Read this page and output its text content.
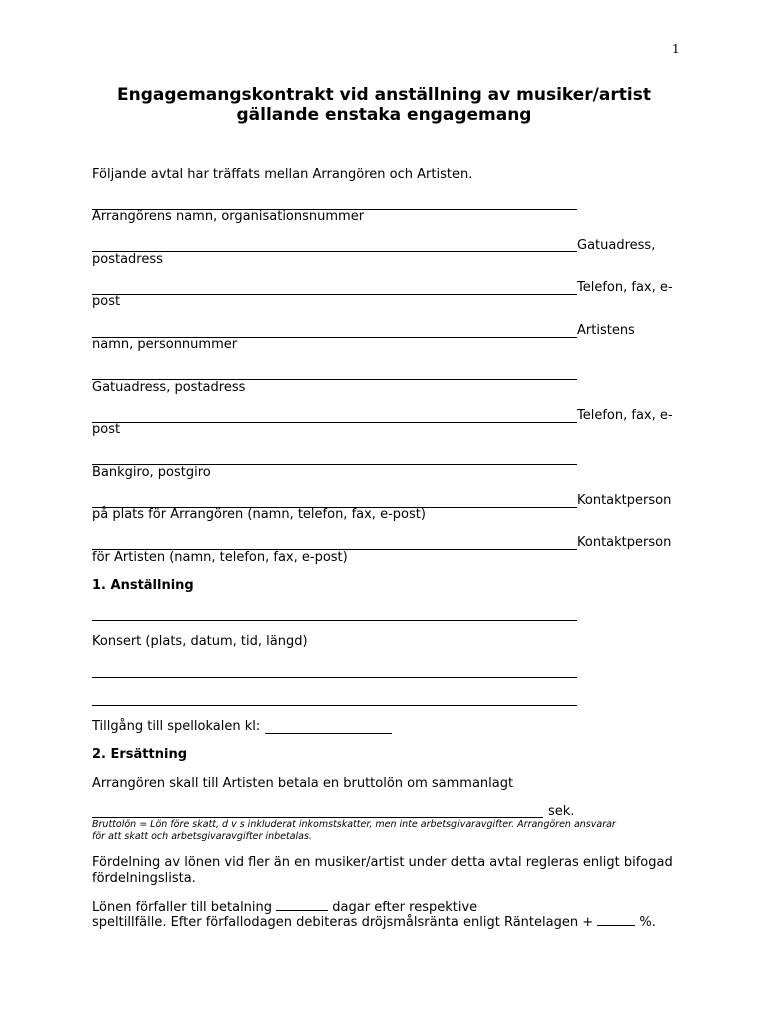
1
Engagemangskontrakt vid anställning av musiker/artist
gällande enstaka engagemang
Följande avtal har träffats mellan Arrangören och Artisten.
Arrangörens namn, organisationsnummer
Gatuadress,
postadress
Telefon, fax, e-
post
Artistens
namn, personnummer
Gatuadress, postadress
Telefon, fax, e-
post
Bankgiro, postgiro
Kontaktperson
på plats för Arrangören (namn, telefon, fax, e-post)
Kontaktperson
för Artisten (namn, telefon, fax, e-post)
1. Anställning
Konsert (plats, datum, tid, längd)
Tillgång till spellokalen kl:
2. Ersättning
Arrangören skall till Artisten betala en bruttolön om sammanlagt
sek.
Bruttolön = Lön före skatt, d v s inkluderat inkomstskatter, men inte arbetsgivaravgifter. Arrangören ansvarar
för att skatt och arbetsgivaravgifter inbetalas.
Fördelning av lönen vid fler än en musiker/artist under detta avtal regleras enligt bifogad
fördelningslista.
Lönen förfaller till betalning	dagar efter respektive
speltillfälle. Efter förfallodagen debiteras dröjsmålsränta enligt Räntelagen +	%.
